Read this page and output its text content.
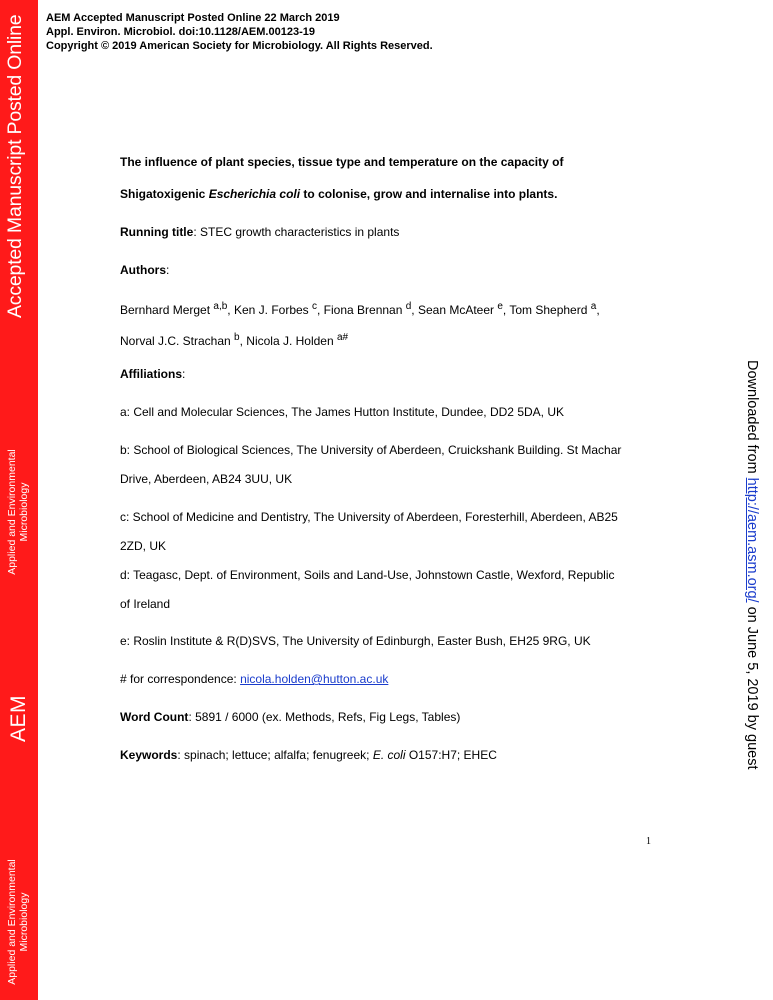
Accepted Manuscript Posted Online
Applied and Environmental Microbiology
AEM
Applied and Environmental Microbiology
AEM Accepted Manuscript Posted Online 22 March 2019
Appl. Environ. Microbiol. doi:10.1128/AEM.00123-19
Copyright © 2019 American Society for Microbiology. All Rights Reserved.
The influence of plant species, tissue type and temperature on the capacity of
Shigatoxigenic Escherichia coli to colonise, grow and internalise into plants.
Running title: STEC growth characteristics in plants
Authors:
Bernhard Merget $^{a,b}$, Ken J. Forbes $^c$, Fiona Brennan $^d$, Sean McAteer $^e$, Tom Shepherd $^a$,
Norval J.C. Strachan $^b$, Nicola J. Holden $^{a\#}$
Affiliations:
a: Cell and Molecular Sciences, The James Hutton Institute, Dundee, DD2 5DA, UK
b: School of Biological Sciences, The University of Aberdeen, Cruickshank Building. St Machar
Drive, Aberdeen, AB24 3UU, UK
c: School of Medicine and Dentistry, The University of Aberdeen, Foresterhill, Aberdeen, AB25
2ZD, UK
d: Teagasc, Dept. of Environment, Soils and Land-Use, Johnstown Castle, Wexford, Republic
of Ireland
e: Roslin Institute & R(D)SVS, The University of Edinburgh, Easter Bush, EH25 9RG, UK
# for correspondence: nicola.holden@hutton.ac.uk
Word Count: 5891 / 6000 (ex. Methods, Refs, Fig Legs, Tables)
Keywords: spinach; lettuce; alfalfa; fenugreek; E. coli O157:H7; EHEC
1
Downloaded from http://aem.asm.org/ on June 5, 2019 by guest
